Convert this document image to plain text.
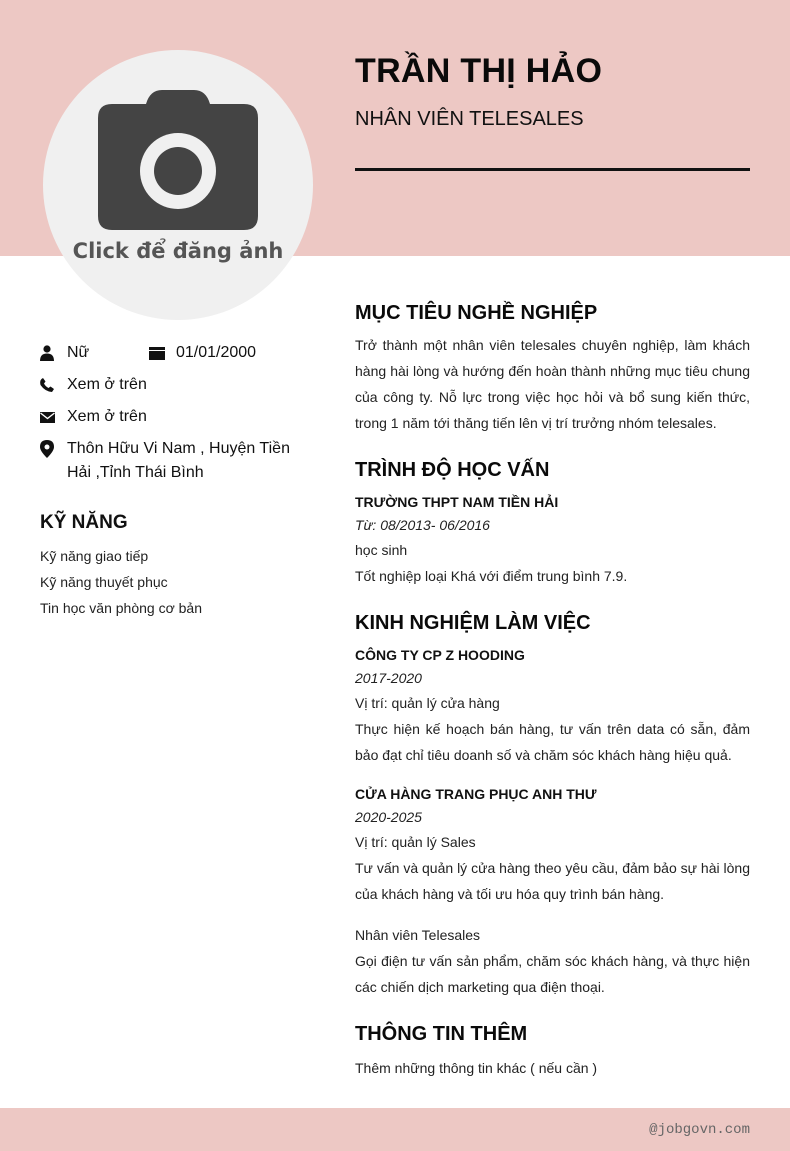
Click để đăng ảnh
TRẦN THỊ HẢO
NHÂN VIÊN TELESALES
Nữ	01/01/2000
Xem ở trên
Xem ở trên
Thôn Hữu Vi Nam , Huyện Tiền Hải ,Tỉnh Thái Bình
KỸ NĂNG
Kỹ năng giao tiếp
Kỹ năng thuyết phục
Tin học văn phòng cơ bản
MỤC TIÊU NGHỀ NGHIỆP
Trở thành một nhân viên telesales chuyên nghiệp, làm khách hàng hài lòng và hướng đến hoàn thành những mục tiêu chung của công ty. Nỗ lực trong việc học hỏi và bổ sung kiến thức, trong 1 năm tới thăng tiến lên vị trí trưởng nhóm telesales.
TRÌNH ĐỘ HỌC VẤN
TRƯỜNG THPT NAM TIỀN HẢI
Từ: 08/2013- 06/2016
học sinh
Tốt nghiệp loại Khá với điểm trung bình 7.9.
KINH NGHIỆM LÀM VIỆC
CÔNG TY CP Z HOODING
2017-2020
Vị trí: quản lý cửa hàng
Thực hiện kế hoạch bán hàng, tư vấn trên data có sẵn, đảm bảo đạt chỉ tiêu doanh số và chăm sóc khách hàng hiệu quả.
CỬA HÀNG TRANG PHỤC ANH THƯ
2020-2025
Vị trí: quản lý Sales
Tư vấn và quản lý cửa hàng theo yêu cầu, đảm bảo sự hài lòng của khách hàng và tối ưu hóa quy trình bán hàng.
Nhân viên Telesales
Gọi điện tư vấn sản phẩm, chăm sóc khách hàng, và thực hiện các chiến dịch marketing qua điện thoại.
THÔNG TIN THÊM
Thêm những thông tin khác ( nếu cần )
@jobgovn.com
